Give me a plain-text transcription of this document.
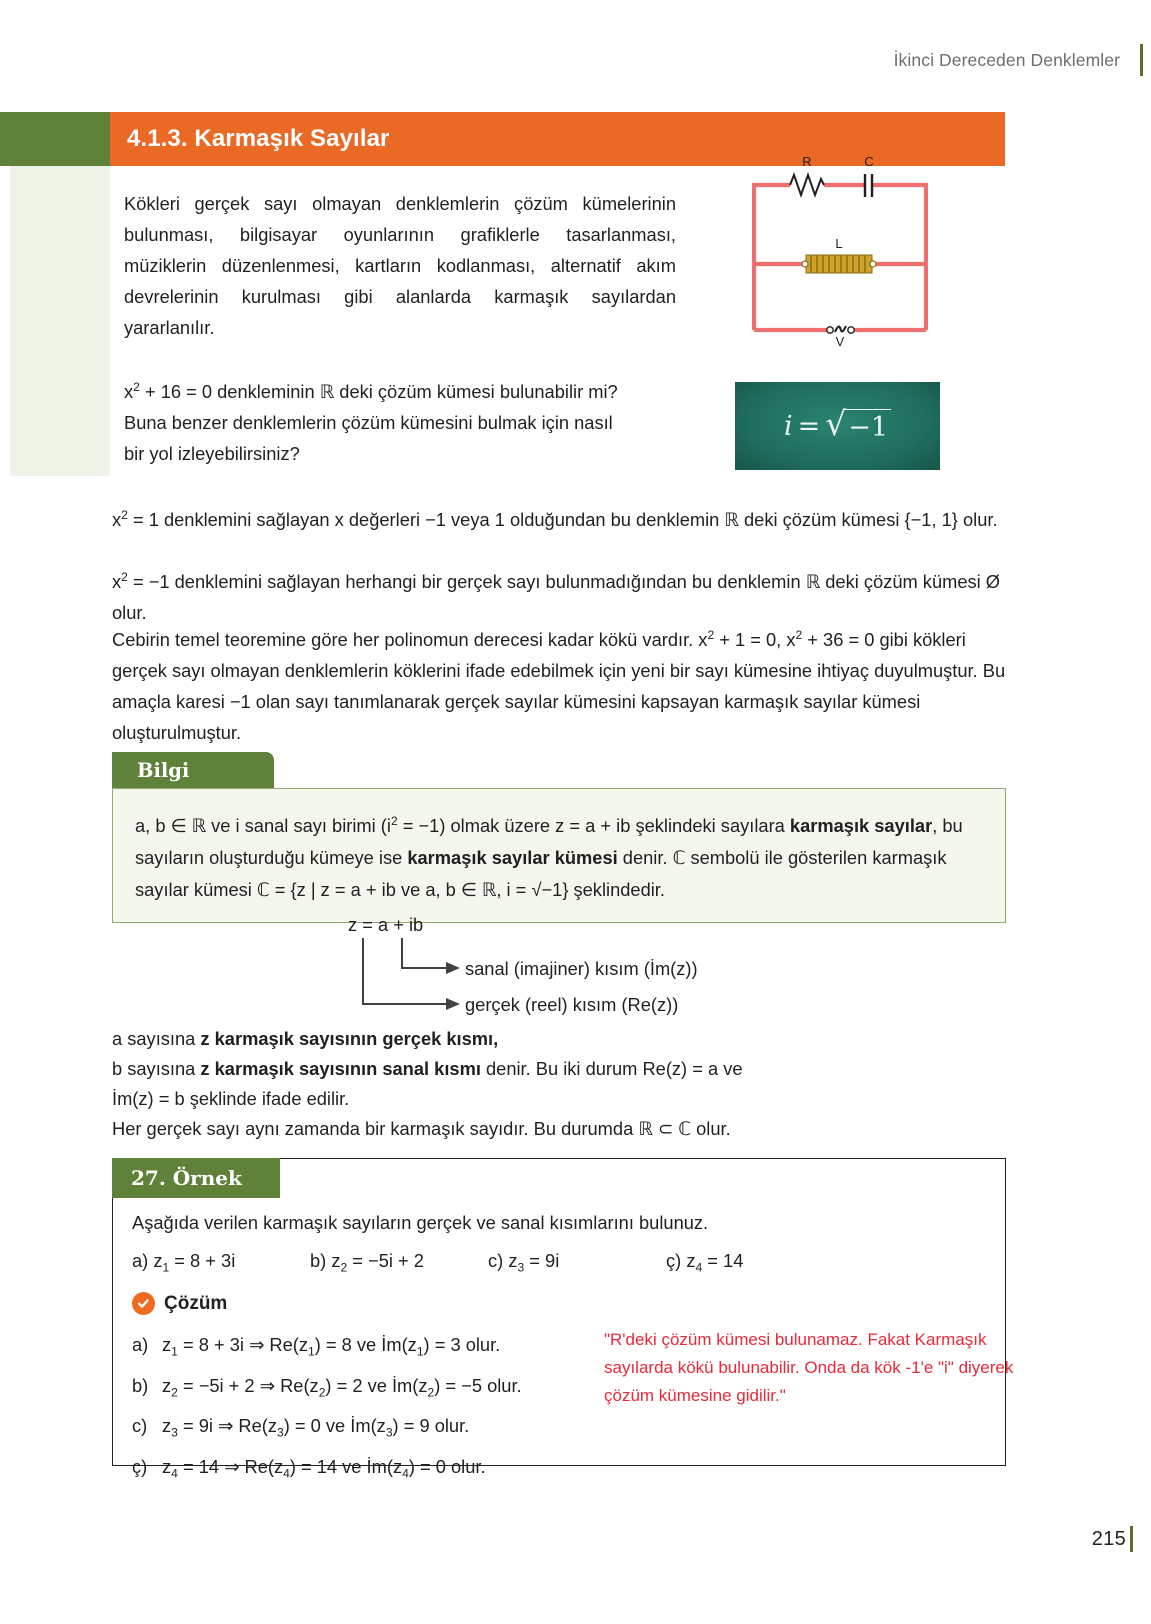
İkinci Dereceden Denklemler
4.1.3. Karmaşık Sayılar
Kökleri gerçek sayı olmayan denklemlerin çözüm kümelerinin bulunması, bilgisayar oyunlarının grafiklerle tasarlanması, müziklerin düzenlenmesi, kartların kodlanması, alternatif akım devrelerinin kurulması gibi alanlarda karmaşık sayılardan yararlanılır.
$x^2 + 16 = 0$ denkleminin ℝ deki çözüm kümesi bulunabilir mi?
Buna benzer denklemlerin çözüm kümesini bulmak için nasıl
bir yol izleyebilirsiniz?
R	C
L
V
i = √ −1
$x^2 = 1$ denklemini sağlayan x değerleri −1 veya 1 olduğundan bu denklemin ℝ deki çözüm kümesi {−1, 1} olur.
$x^2 = -1$ denklemini sağlayan herhangi bir gerçek sayı bulunmadığından bu denklemin ℝ deki çözüm kümesi Ø olur.
Cebirin temel teoremine göre her polinomun derecesi kadar kökü vardır. $x^2 + 1 = 0$, $x^2 + 36 = 0$ gibi kökleri gerçek sayı olmayan denklemlerin köklerini ifade edebilmek için yeni bir sayı kümesine ihtiyaç duyulmuştur. Bu amaçla karesi −1 olan sayı tanımlanarak gerçek sayılar kümesini kapsayan karmaşık sayılar kümesi oluşturulmuştur.
Bilgi
a, b ∈ ℝ ve i sanal sayı birimi $(i^2 = -1)$ olmak üzere z = a + ib şeklindeki sayılara karmaşık sayılar, bu sayıların oluşturduğu kümeye ise karmaşık sayılar kümesi denir. ℂ sembolü ile gösterilen karmaşık sayılar kümesi ℂ = {z | z = a + ib ve a, b ∈ ℝ, i = √−1} şeklindedir.
z = a + ib
sanal (imajiner) kısım (İm(z))
gerçek (reel) kısım (Re(z))
a sayısına z karmaşık sayısının gerçek kısmı,
b sayısına z karmaşık sayısının sanal kısmı denir. Bu iki durum Re(z) = a ve
İm(z) = b şeklinde ifade edilir.
Her gerçek sayı aynı zamanda bir karmaşık sayıdır. Bu durumda ℝ ⊂ ℂ olur.
27. Örnek
Aşağıda verilen karmaşık sayıların gerçek ve sanal kısımlarını bulunuz.
a) $z_1 = 8 + 3i$	b) $z_2 = -5i + 2$	c) $z_3 = 9i$	ç) $z_4 = 14$
Çözüm
a) $z_1 = 8 + 3i$ ⇒ $Re(z_1) = 8$ ve $İm(z_1) = 3$ olur.
b) $z_2 = -5i + 2$ ⇒ $Re(z_2) = 2$ ve $İm(z_2) = -5$ olur.
c) $z_3 = 9i$ ⇒ $Re(z_3) = 0$ ve $İm(z_3) = 9$ olur.
ç) $z_4 = 14$ ⇒ $Re(z_4) = 14$ ve $İm(z_4) = 0$ olur.
"R'deki çözüm kümesi bulunamaz. Fakat Karmaşık sayılarda kökü bulunabilir. Onda da kök -1'e "i" diyerek çözüm kümesine gidilir."
215
